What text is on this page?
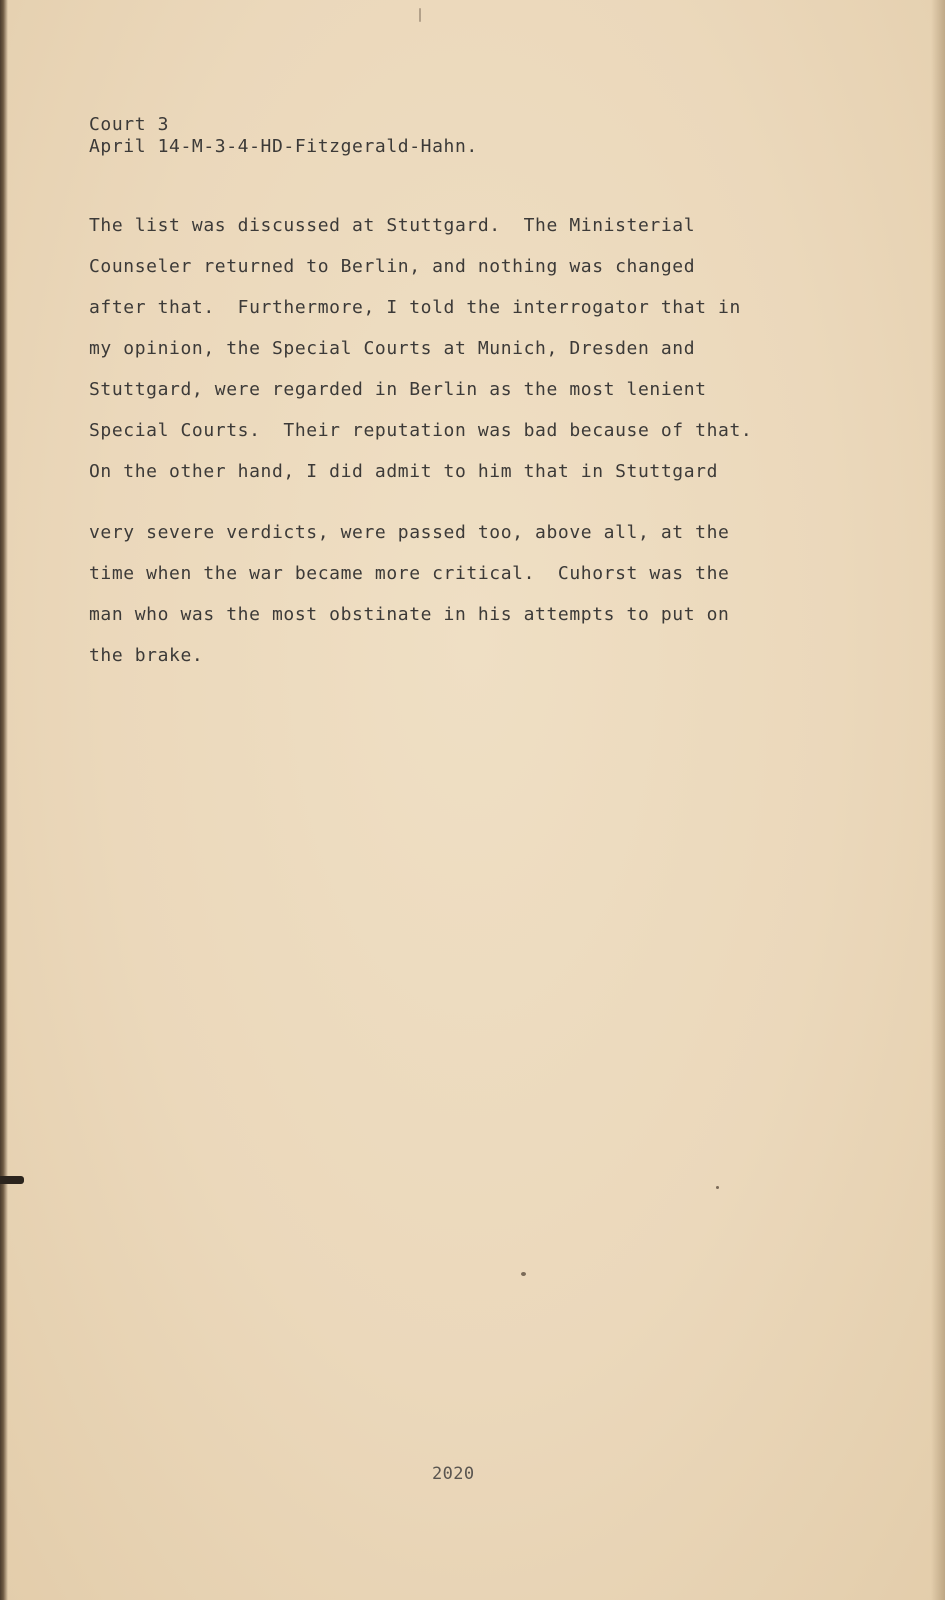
Court 3
April 14-M-3-4-HD-Fitzgerald-Hahn.
The list was discussed at Stuttgard.  The Ministerial
Counseler returned to Berlin, and nothing was changed
after that.  Furthermore, I told the interrogator that in
my opinion, the Special Courts at Munich, Dresden and
Stuttgard, were regarded in Berlin as the most lenient
Special Courts.  Their reputation was bad because of that.
On the other hand, I did admit to him that in Stuttgard
very severe verdicts, were passed too, above all, at the
time when the war became more critical.  Cuhorst was the
man who was the most obstinate in his attempts to put on
the brake.
2020
